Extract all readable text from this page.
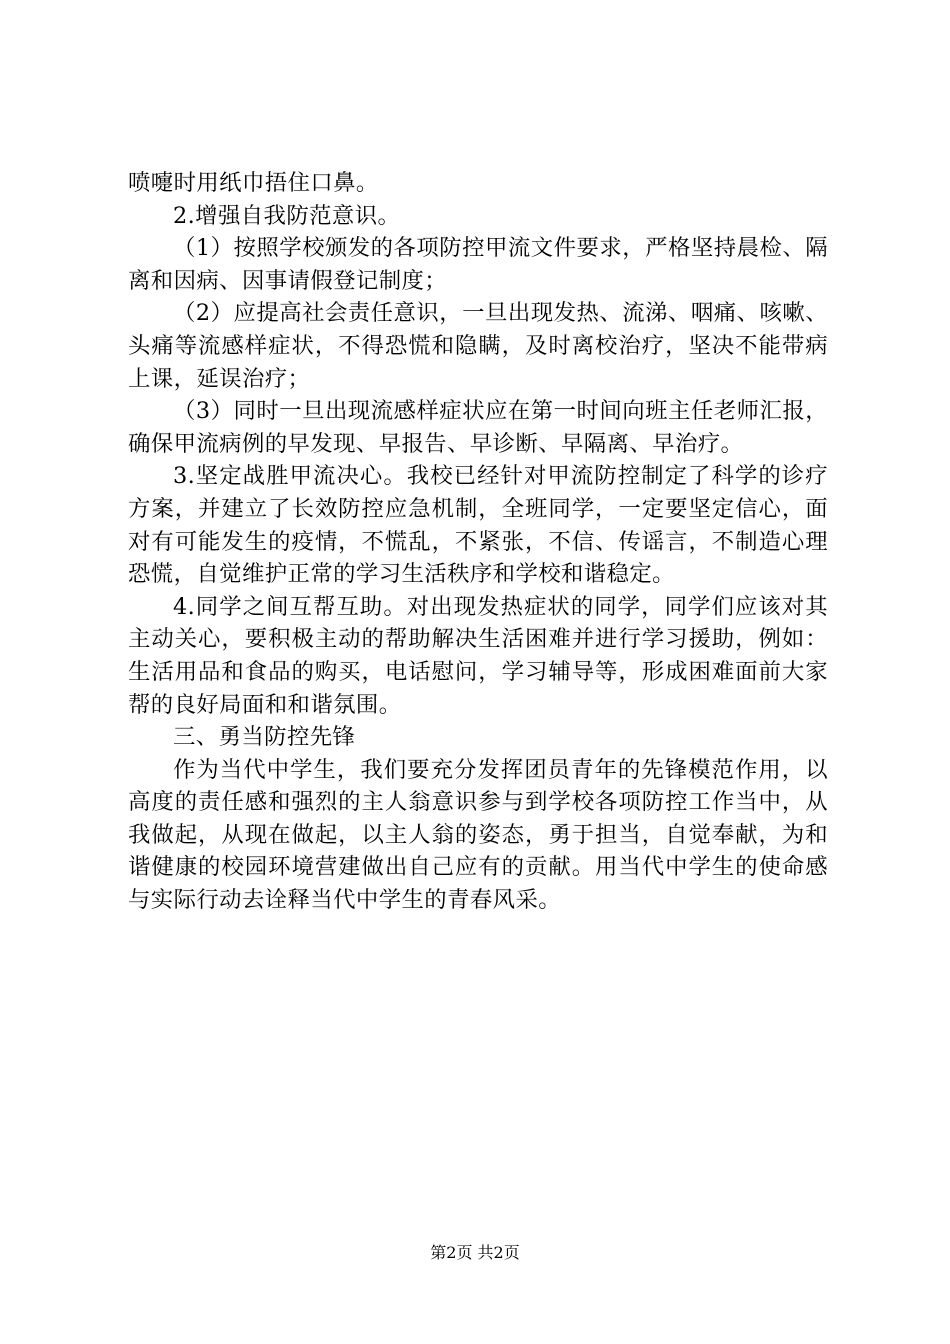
喷嚏时用纸巾捂住口鼻。

2.增强自我防范意识。

（1）按照学校颁发的各项防控甲流文件要求，严格坚持晨检、隔离和因病、因事请假登记制度；

（2）应提高社会责任意识，一旦出现发热、流涕、咽痛、咳嗽、头痛等流感样症状，不得恐慌和隐瞒，及时离校治疗，坚决不能带病上课，延误治疗；

（3）同时一旦出现流感样症状应在第一时间向班主任老师汇报，确保甲流病例的早发现、早报告、早诊断、早隔离、早治疗。

3.坚定战胜甲流决心。我校已经针对甲流防控制定了科学的诊疗方案，并建立了长效防控应急机制，全班同学，一定要坚定信心，面对有可能发生的疫情，不慌乱，不紧张，不信、传谣言，不制造心理恐慌，自觉维护正常的学习生活秩序和学校和谐稳定。

4.同学之间互帮互助。对出现发热症状的同学，同学们应该对其主动关心，要积极主动的帮助解决生活困难并进行学习援助，例如：生活用品和食品的购买，电话慰问，学习辅导等，形成困难面前大家帮的良好局面和和谐氛围。

三、勇当防控先锋

作为当代中学生，我们要充分发挥团员青年的先锋模范作用，以高度的责任感和强烈的主人翁意识参与到学校各项防控工作当中，从我做起，从现在做起，以主人翁的姿态，勇于担当，自觉奉献，为和谐健康的校园环境营建做出自己应有的贡献。用当代中学生的使命感与实际行动去诠释当代中学生的青春风采。

第2页 共2页
